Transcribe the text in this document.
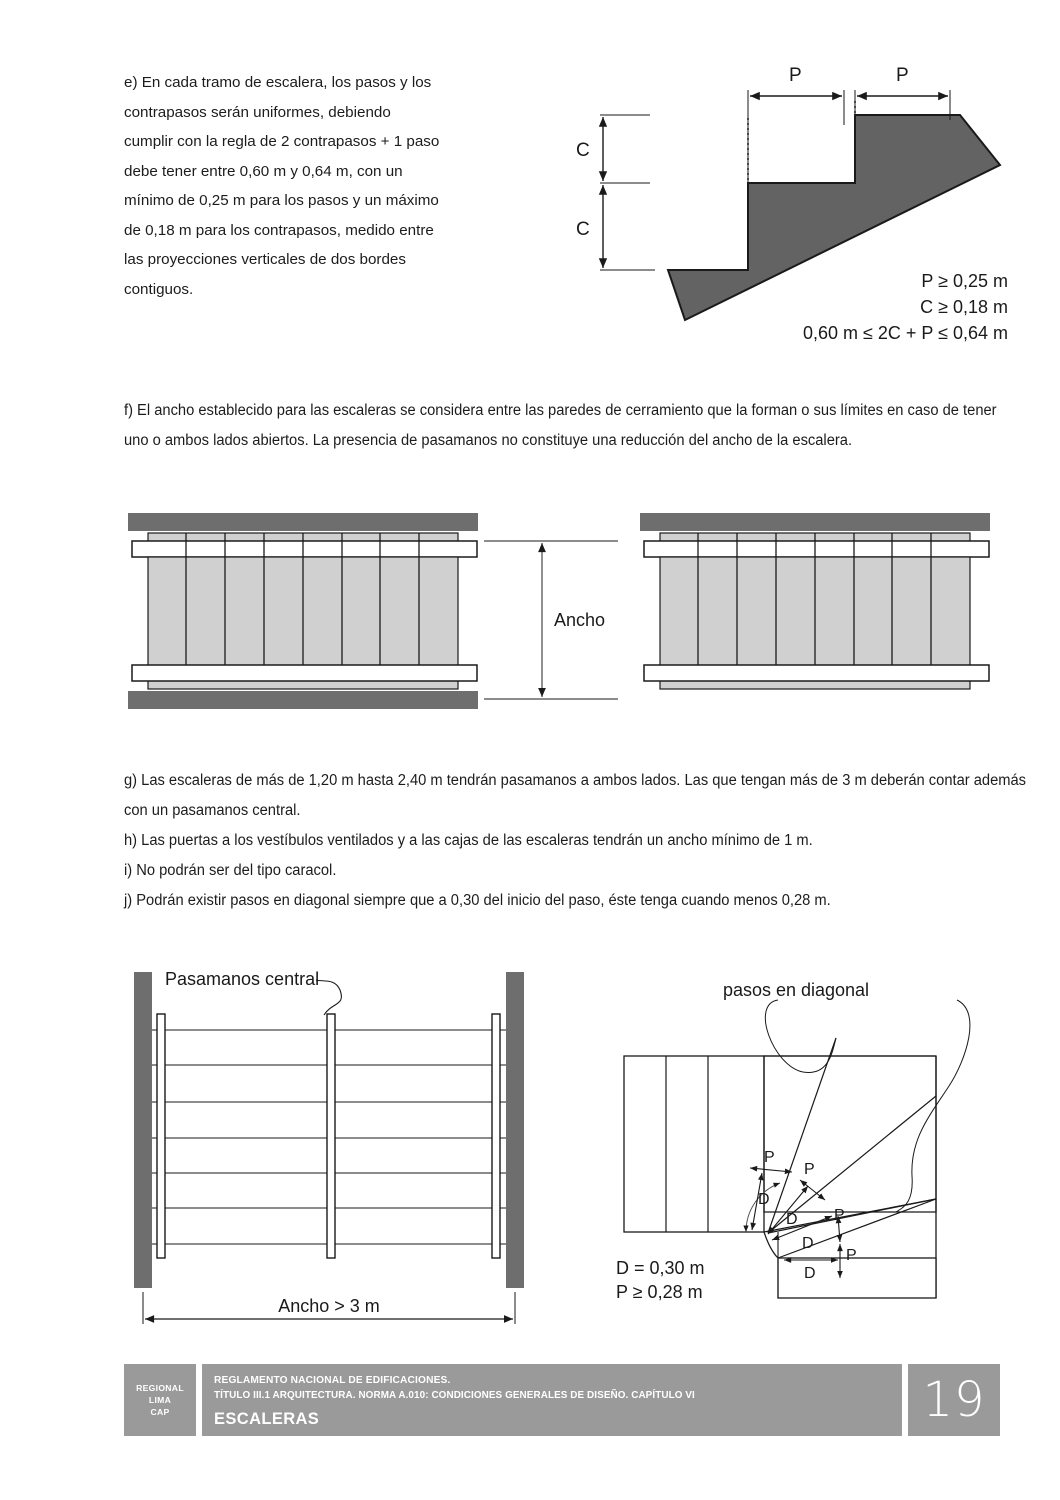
e) En cada tramo de escalera, los pasos y los
contrapasos serán uniformes, debiendo
cumplir con la regla de 2 contrapasos + 1 paso
debe tener entre 0,60 m y 0,64 m, con un
mínimo de 0,25 m para los pasos y un máximo
de 0,18 m para los contrapasos, medido entre
las proyecciones verticales de dos bordes
contiguos.
C
C
P	P
P ≥ 0,25 m
C ≥ 0,18 m
0,60 m ≤ 2C + P ≤ 0,64 m
f) El ancho establecido para las escaleras se considera entre las paredes de cerramiento que la forman o sus límites en caso de tener uno o ambos lados abiertos. La presencia de pasamanos no constituye una reducción del ancho de la escalera.
Ancho
g) Las escaleras de más de 1,20 m hasta 2,40 m tendrán pasamanos a ambos lados. Las que tengan más de 3 m deberán contar además con un pasamanos central.
h) Las puertas a los vestíbulos ventilados y a las cajas de las escaleras tendrán un ancho mínimo de 1 m.
i) No podrán ser del tipo caracol.
j) Podrán existir pasos en diagonal siempre que a 0,30 del inicio del paso, éste tenga cuando menos 0,28 m.
Pasamanos central
Ancho > 3 m
pasos en diagonal
P
P
P
P
D
D
D
D
D = 0,30 m
P ≥ 0,28 m
REGIONAL
LIMA
CAP
REGLAMENTO NACIONAL DE EDIFICACIONES.
TÍTULO III.1 ARQUITECTURA. NORMA A.010: CONDICIONES GENERALES DE DISEÑO. CAPÍTULO VI
ESCALERAS	19
